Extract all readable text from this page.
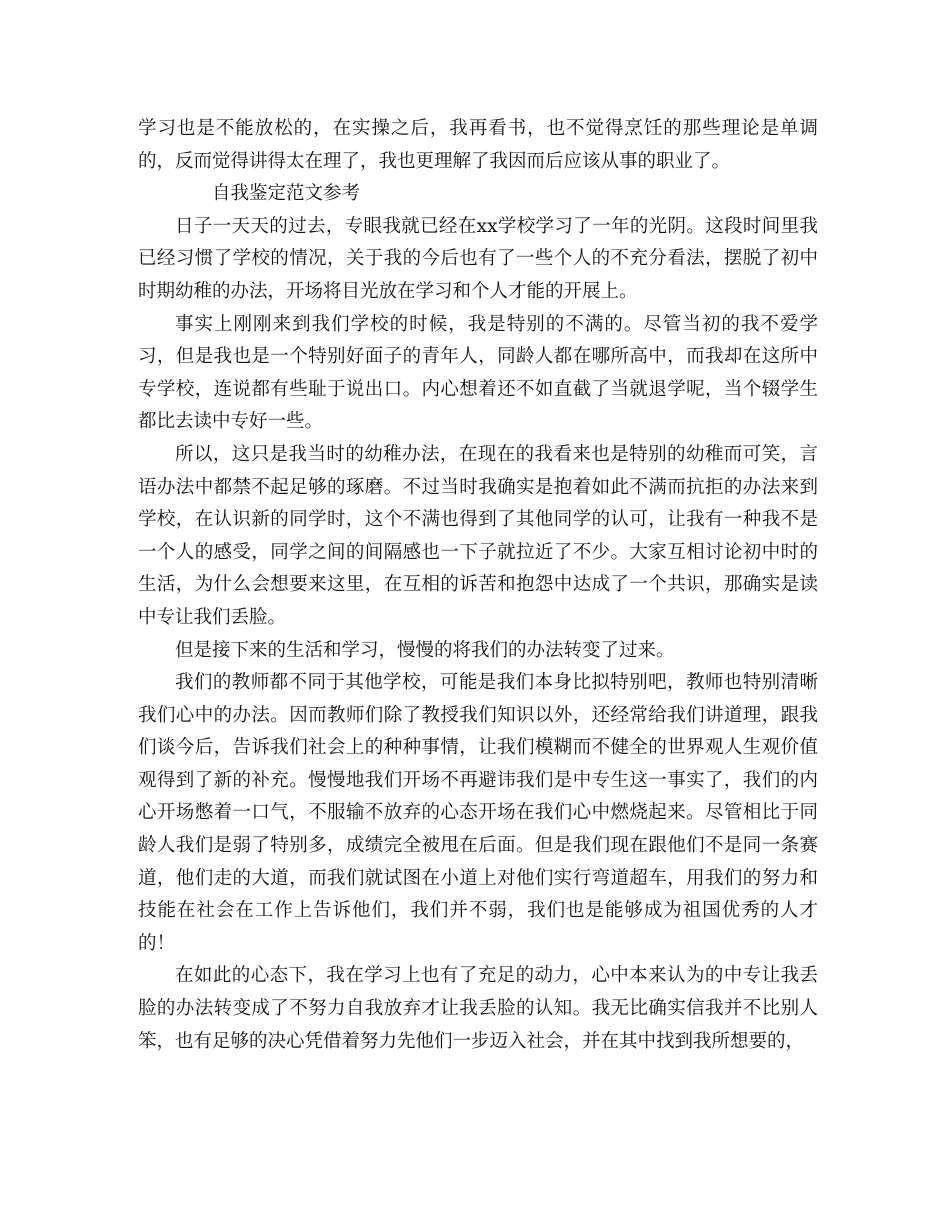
学习也是不能放松的，在实操之后，我再看书，也不觉得烹饪的那些理论是单调的，反而觉得讲得太在理了，我也更理解了我因而后应该从事的职业了。

自我鉴定范文参考

日子一天天的过去，专眼我就已经在xx学校学习了一年的光阴。这段时间里我已经习惯了学校的情况，关于我的今后也有了一些个人的不充分看法，摆脱了初中时期幼稚的办法，开场将目光放在学习和个人才能的开展上。

事实上刚刚来到我们学校的时候，我是特别的不满的。尽管当初的我不爱学习，但是我也是一个特别好面子的青年人，同龄人都在哪所高中，而我却在这所中专学校，连说都有些耻于说出口。内心想着还不如直截了当就退学呢，当个辍学生都比去读中专好一些。

所以，这只是我当时的幼稚办法，在现在的我看来也是特别的幼稚而可笑，言语办法中都禁不起足够的琢磨。不过当时我确实是抱着如此不满而抗拒的办法来到学校，在认识新的同学时，这个不满也得到了其他同学的认可，让我有一种我不是一个人的感受，同学之间的间隔感也一下子就拉近了不少。大家互相讨论初中时的生活，为什么会想要来这里，在互相的诉苦和抱怨中达成了一个共识，那确实是读中专让我们丢脸。

但是接下来的生活和学习，慢慢的将我们的办法转变了过来。

我们的教师都不同于其他学校，可能是我们本身比拟特别吧，教师也特别清晰我们心中的办法。因而教师们除了教授我们知识以外，还经常给我们讲道理，跟我们谈今后，告诉我们社会上的种种事情，让我们模糊而不健全的世界观人生观价值观得到了新的补充。慢慢地我们开场不再避讳我们是中专生这一事实了，我们的内心开场憋着一口气，不服输不放弃的心态开场在我们心中燃烧起来。尽管相比于同龄人我们是弱了特别多，成绩完全被甩在后面。但是我们现在跟他们不是同一条赛道，他们走的大道，而我们就试图在小道上对他们实行弯道超车，用我们的努力和技能在社会在工作上告诉他们，我们并不弱，我们也是能够成为祖国优秀的人才的！

在如此的心态下，我在学习上也有了充足的动力，心中本来认为的中专让我丢脸的办法转变成了不努力自我放弃才让我丢脸的认知。我无比确实信我并不比别人笨，也有足够的决心凭借着努力先他们一步迈入社会，并在其中找到我所想要的，
